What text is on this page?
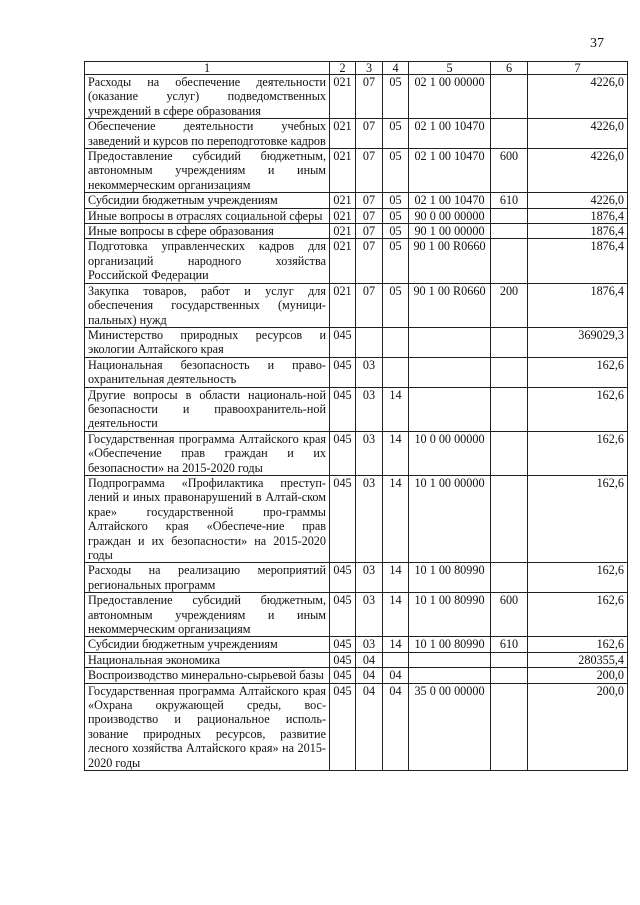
37
1	2	3	4	5	6	7
Расходы на обеспечение деятельности (оказание услуг) подведомственных учреждений в сфере образования	021	07	05	02 1 00 00000		4226,0
Обеспечение деятельности учебных заведений и курсов по переподготовке кадров	021	07	05	02 1 00 10470		4226,0
Предоставление субсидий бюджетным, автономным учреждениям и иным некоммерческим организациям	021	07	05	02 1 00 10470	600	4226,0
Субсидии бюджетным учреждениям	021	07	05	02 1 00 10470	610	4226,0
Иные вопросы в отраслях социальной сферы	021	07	05	90 0 00 00000		1876,4
Иные вопросы в сфере образования	021	07	05	90 1 00 00000		1876,4
Подготовка управленческих кадров для организаций народного хозяйства Российской Федерации	021	07	05	90 1 00 R0660		1876,4
Закупка товаров, работ и услуг для обеспечения государственных (муници-пальных) нужд	021	07	05	90 1 00 R0660	200	1876,4
Министерство природных ресурсов и экологии Алтайского края	045					369029,3
Национальная безопасность и право-охранительная деятельность	045	03				162,6
Другие вопросы в области националь-ной безопасности и правоохранитель-ной деятельности	045	03	14			162,6
Государственная программа Алтайского края «Обеспечение прав граждан и их безопасности» на 2015-2020 годы	045	03	14	10 0 00 00000		162,6
Подпрограмма «Профилактика преступ-лений и иных правонарушений в Алтай-ском крае» государственной про-граммы Алтайского края «Обеспече-ние прав граждан и их безопасности» на 2015-2020 годы	045	03	14	10 1 00 00000		162,6
Расходы на реализацию мероприятий региональных программ	045	03	14	10 1 00 80990		162,6
Предоставление субсидий бюджетным, автономным учреждениям и иным некоммерческим организациям	045	03	14	10 1 00 80990	600	162,6
Субсидии бюджетным учреждениям	045	03	14	10 1 00 80990	610	162,6
Национальная экономика	045	04				280355,4
Воспроизводство минерально-сырьевой базы	045	04	04			200,0
Государственная программа Алтайского края «Охрана окружающей среды, вос-производство и рациональное исполь-зование природных ресурсов, развитие лесного хозяйства Алтайского края» на 2015-2020 годы	045	04	04	35 0 00 00000		200,0
